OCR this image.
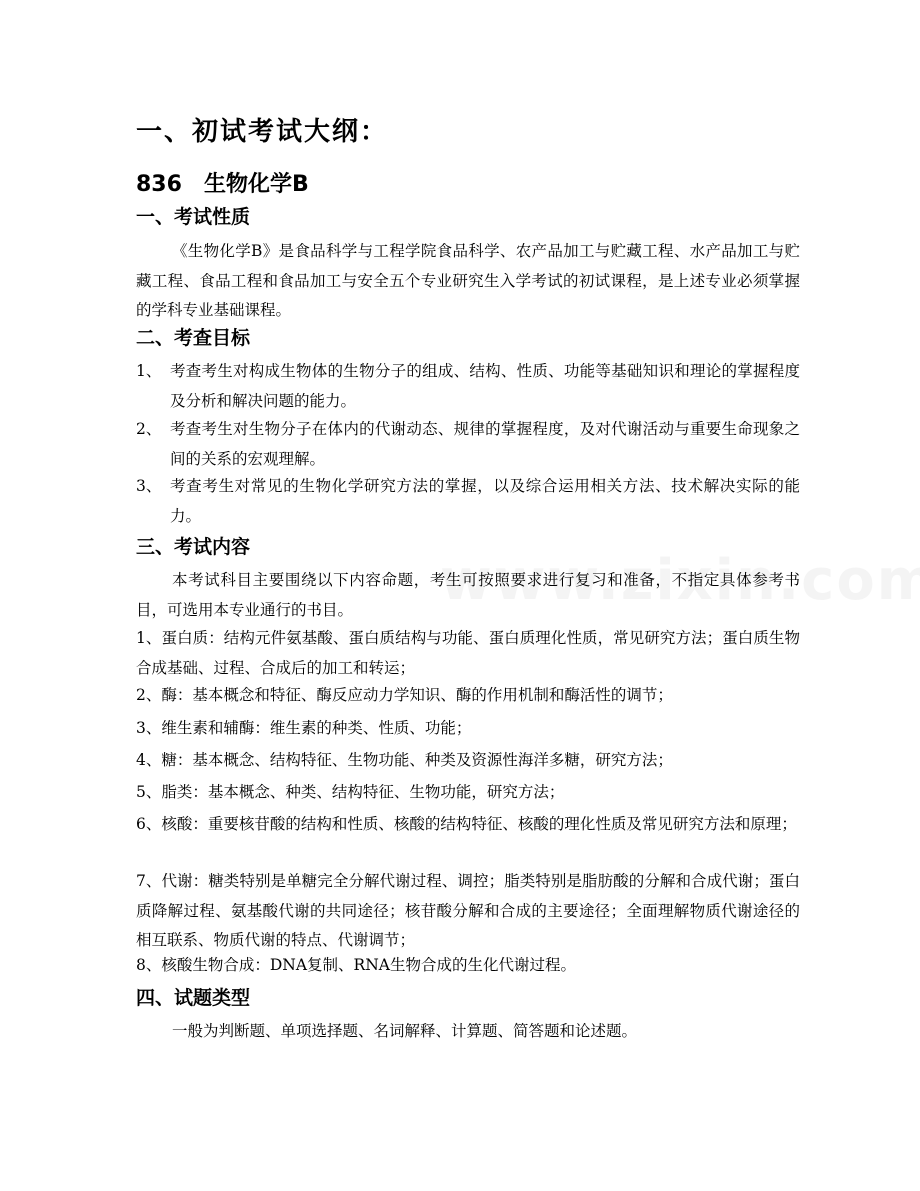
一、初试考试大纲：
836 生物化学B
一、考试性质

《生物化学B》是食品科学与工程学院食品科学、农产品加工与贮藏工程、水产品加工与贮藏工程、食品工程和食品加工与安全五个专业研究生入学考试的初试课程，是上述专业必须掌握的学科专业基础课程。

二、考查目标
1、 考查考生对构成生物体的生物分子的组成、结构、性质、功能等基础知识和理论的掌握程度及分析和解决问题的能力。
2、 考查考生对生物分子在体内的代谢动态、规律的掌握程度，及对代谢活动与重要生命现象之间的关系的宏观理解。
3、 考查考生对常见的生物化学研究方法的掌握，以及综合运用相关方法、技术解决实际的能力。
三、考试内容

本考试科目主要围绕以下内容命题，考生可按照要求进行复习和准备，不指定具体参考书目，可选用本专业通行的书目。

1、蛋白质：结构元件氨基酸、蛋白质结构与功能、蛋白质理化性质，常见研究方法；蛋白质生物合成基础、过程、合成后的加工和转运；

2、酶：基本概念和特征、酶反应动力学知识、酶的作用机制和酶活性的调节；

3、维生素和辅酶：维生素的种类、性质、功能；

4、糖：基本概念、结构特征、生物功能、种类及资源性海洋多糖，研究方法；

5、脂类：基本概念、种类、结构特征、生物功能，研究方法；

6、核酸：重要核苷酸的结构和性质、核酸的结构特征、核酸的理化性质及常见研究方法和原理；

7、代谢：糖类特别是单糖完全分解代谢过程、调控；脂类特别是脂肪酸的分解和合成代谢；蛋白质降解过程、氨基酸代谢的共同途径；核苷酸分解和合成的主要途径；全面理解物质代谢途径的相互联系、物质代谢的特点、代谢调节；

8、核酸生物合成：DNA复制、RNA生物合成的生化代谢过程。

四、试题类型

一般为判断题、单项选择题、名词解释、计算题、简答题和论述题。
